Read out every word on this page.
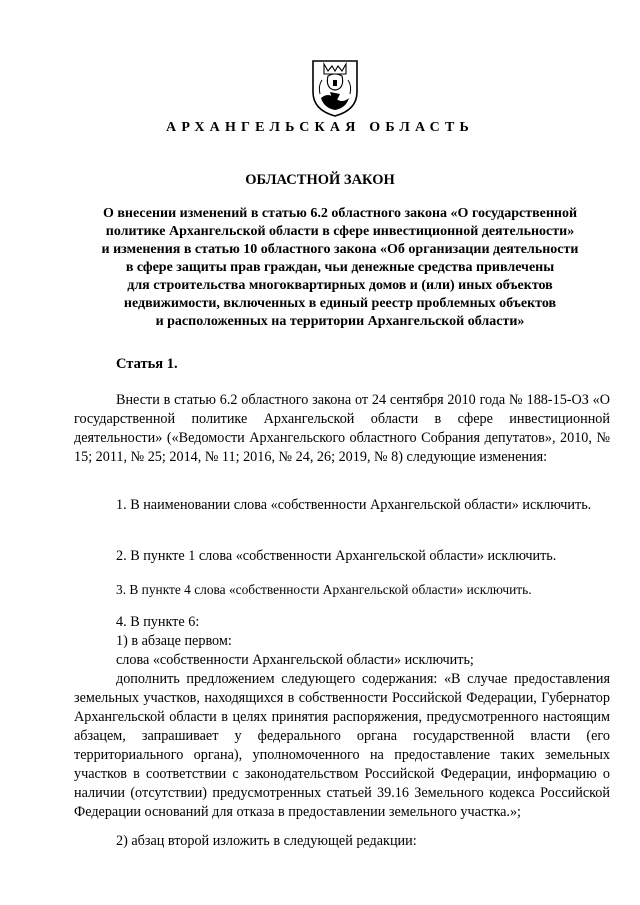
АРХАНГЕЛЬСКАЯ ОБЛАСТЬ
ОБЛАСТНОЙ ЗАКОН
О внесении изменений в статью 6.2 областного закона «О государственной
политике Архангельской области в сфере инвестиционной деятельности»
и изменения в статью 10 областного закона «Об организации деятельности
в сфере защиты прав граждан, чьи денежные средства привлечены
для строительства многоквартирных домов и (или) иных объектов
недвижимости, включенных в единый реестр проблемных объектов
и расположенных на территории Архангельской области»
Статья 1.

Внести в статью 6.2 областного закона от 24 сентября 2010 года № 188-15-ОЗ «О государственной политике Архангельской области в сфере инвестиционной деятельности» («Ведомости Архангельского областного Собрания депутатов», 2010, № 15; 2011, № 25; 2014, № 11; 2016, № 24, 26; 2019, № 8) следующие изменения:

1. В наименовании слова «собственности Архангельской области» исключить.

2. В пункте 1 слова «собственности Архангельской области» исключить.

3. В пункте 4 слова «собственности Архангельской области» исключить.

4. В пункте 6:

1) в абзаце первом:

слова «собственности Архангельской области» исключить;

дополнить предложением следующего содержания: «В случае предоставления земельных участков, находящихся в собственности Российской Федерации, Губернатор Архангельской области в целях принятия распоряжения, предусмотренного настоящим абзацем, запрашивает у федерального органа государственной власти (его территориального органа), уполномоченного на предоставление таких земельных участков в соответствии с законодательством Российской Федерации, информацию о наличии (отсутствии) предусмотренных статьей 39.16 Земельного кодекса Российской Федерации оснований для отказа в предоставлении земельного участка.»;

2) абзац второй изложить в следующей редакции:
